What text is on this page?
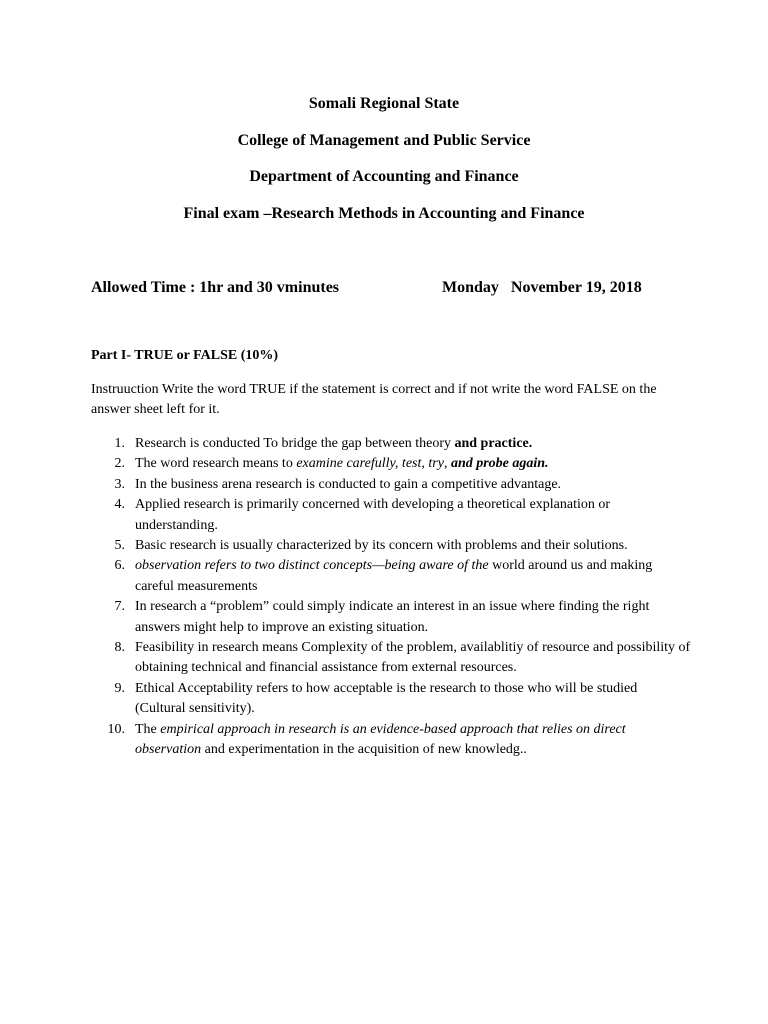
Somali Regional State
College of Management and Public Service
Department of Accounting and Finance
Final exam –Research Methods in Accounting and Finance
Allowed Time : 1hr and 30 vminutes	Monday   November 19, 2018
Part I- TRUE or FALSE (10%)
Instruuction Write the word TRUE if the statement is correct and if not write the word FALSE on the answer sheet left for it.
1. Research is conducted To bridge the gap between theory and practice.
2. The word research means to examine carefully, test, try, and probe again.
3. In the business arena research is conducted to gain a competitive advantage.
4. Applied research is primarily concerned with developing a theoretical explanation or understanding.
5. Basic research is usually characterized by its concern with problems and their solutions.
6. observation refers to two distinct concepts—being aware of the world around us and making careful measurements
7. In research a “problem” could simply indicate an interest in an issue where finding the right answers might help to improve an existing situation.
8. Feasibility in research means Complexity of the problem, availablitiy of resource and possibility of obtaining technical and financial assistance from external resources.
9. Ethical Acceptability refers to how acceptable is the research to those who will be studied (Cultural sensitivity).
10. The empirical approach in research is an evidence-based approach that relies on direct observation and experimentation in the acquisition of new knowledg..
